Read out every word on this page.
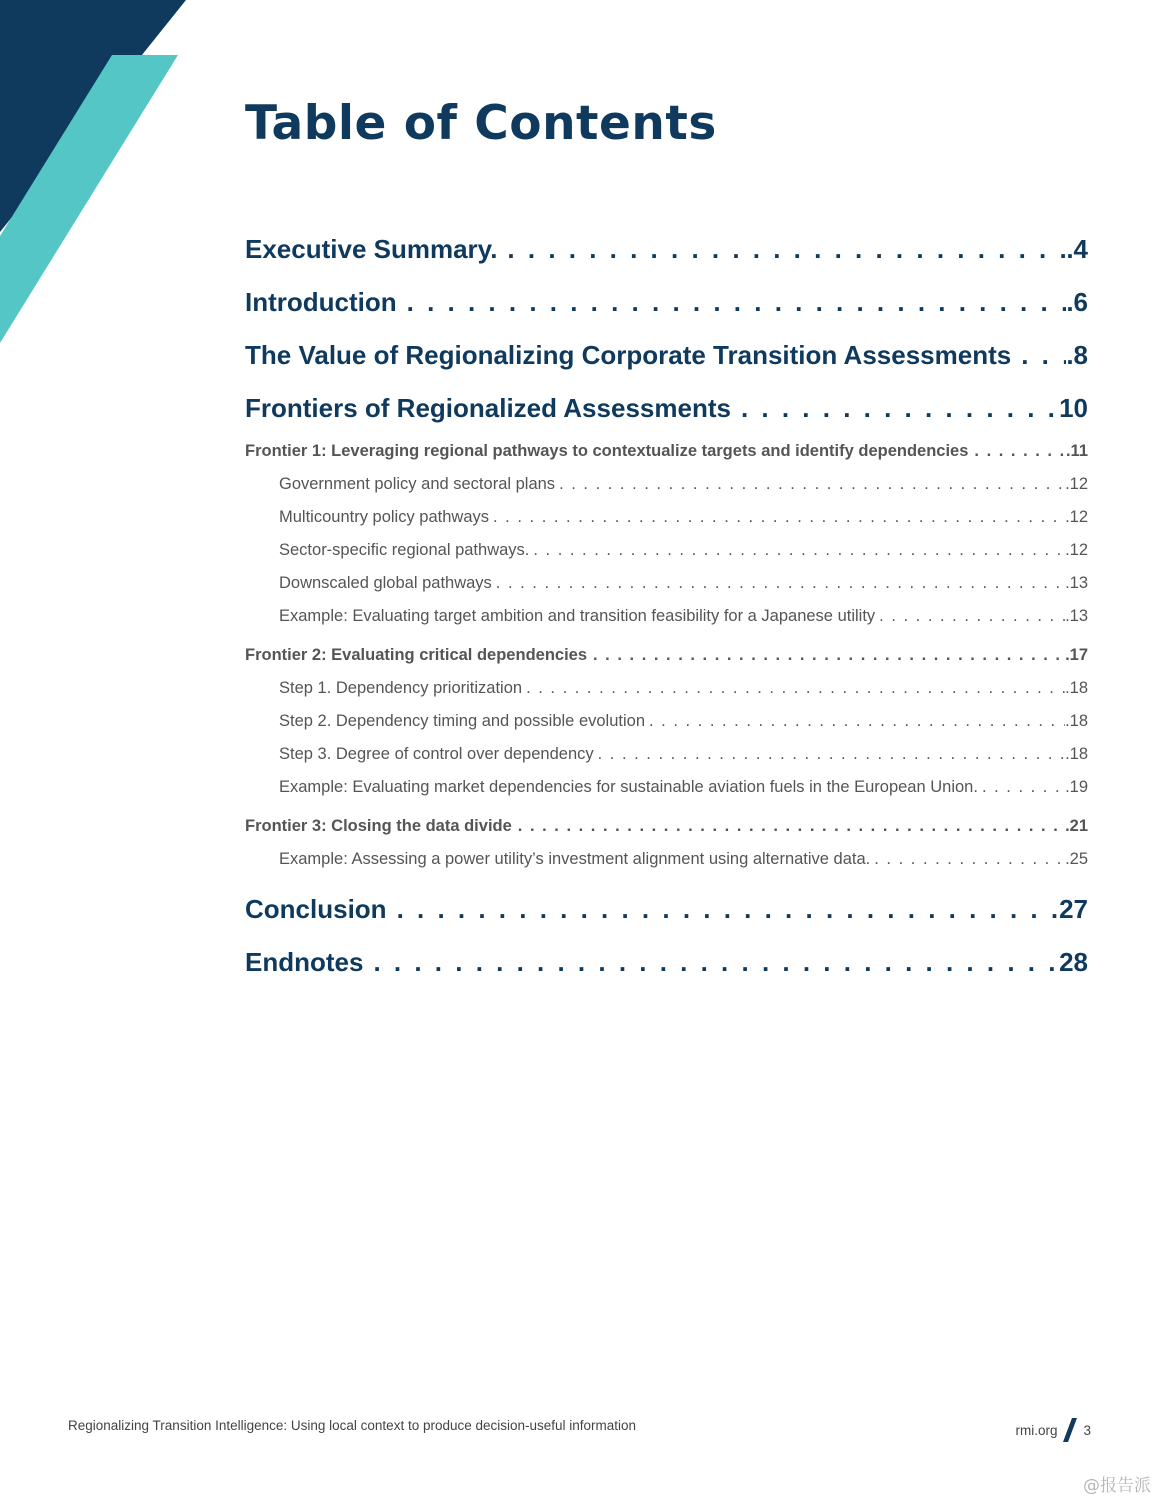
Table of Contents
Executive Summary. . . .	.4
Introduction . . .	.6
The Value of Regionalizing Corporate Transition Assessments . . . .8
Frontiers of Regionalized Assessments . . .	10
Frontier 1: Leveraging regional pathways to contextualize targets and identify dependencies . . .	.11
Government policy and sectoral plans . . .	.12
Multicountry policy pathways . . .	.12
Sector-specific regional pathways. . . .	.12
Downscaled global pathways . . .	.13
Example: Evaluating target ambition and transition feasibility for a Japanese utility . . .	.13
Frontier 2: Evaluating critical dependencies . . .	.17
Step 1. Dependency prioritization . . .	.18
Step 2. Dependency timing and possible evolution . . .	.18
Step 3. Degree of control over dependency . . .	.18
Example: Evaluating market dependencies for sustainable aviation fuels in the European Union. . . .	.19
Frontier 3: Closing the data divide . . .	.21
Example: Assessing a power utility’s investment alignment using alternative data. . . .	.25
Conclusion . . .	27
Endnotes . . .	28
Regionalizing Transition Intelligence: Using local context to produce decision-useful information	rmi.org 3
@报告派
